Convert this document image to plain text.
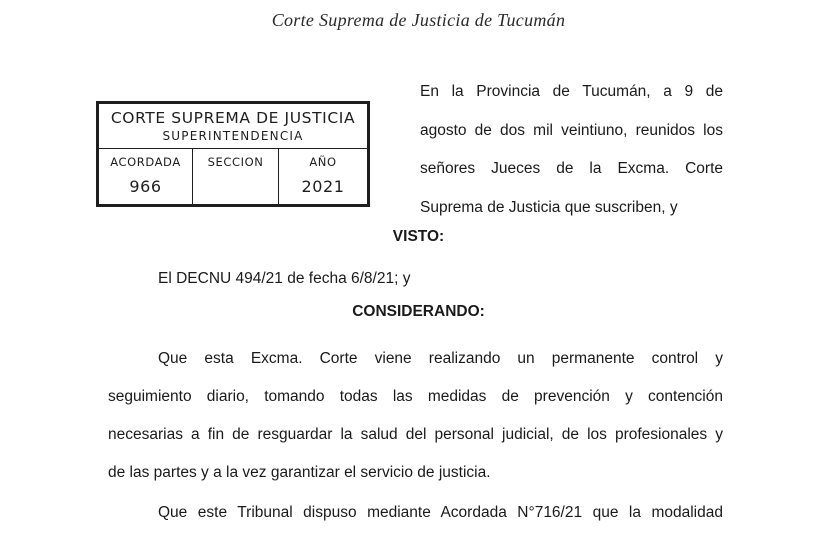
Corte Suprema de Justicia de Tucumán
CORTE SUPREMA DE JUSTICIA
SUPERINTENDENCIA
ACORDADA
966
SECCION	AÑO
2021
En la Provincia de Tucumán, a 9 de
agosto de dos mil veintiuno, reunidos los
señores Jueces de la Excma. Corte
Suprema de Justicia que suscriben, y
VISTO:
El DECNU 494/21 de fecha 6/8/21; y
CONSIDERANDO:
Que esta Excma. Corte viene realizando un permanente control y
seguimiento diario, tomando todas las medidas de prevención y contención
necesarias a fin de resguardar la salud del personal judicial, de los profesionales y
de las partes y a la vez garantizar el servicio de justicia.
Que este Tribunal dispuso mediante Acordada N°716/21 que la modalidad
